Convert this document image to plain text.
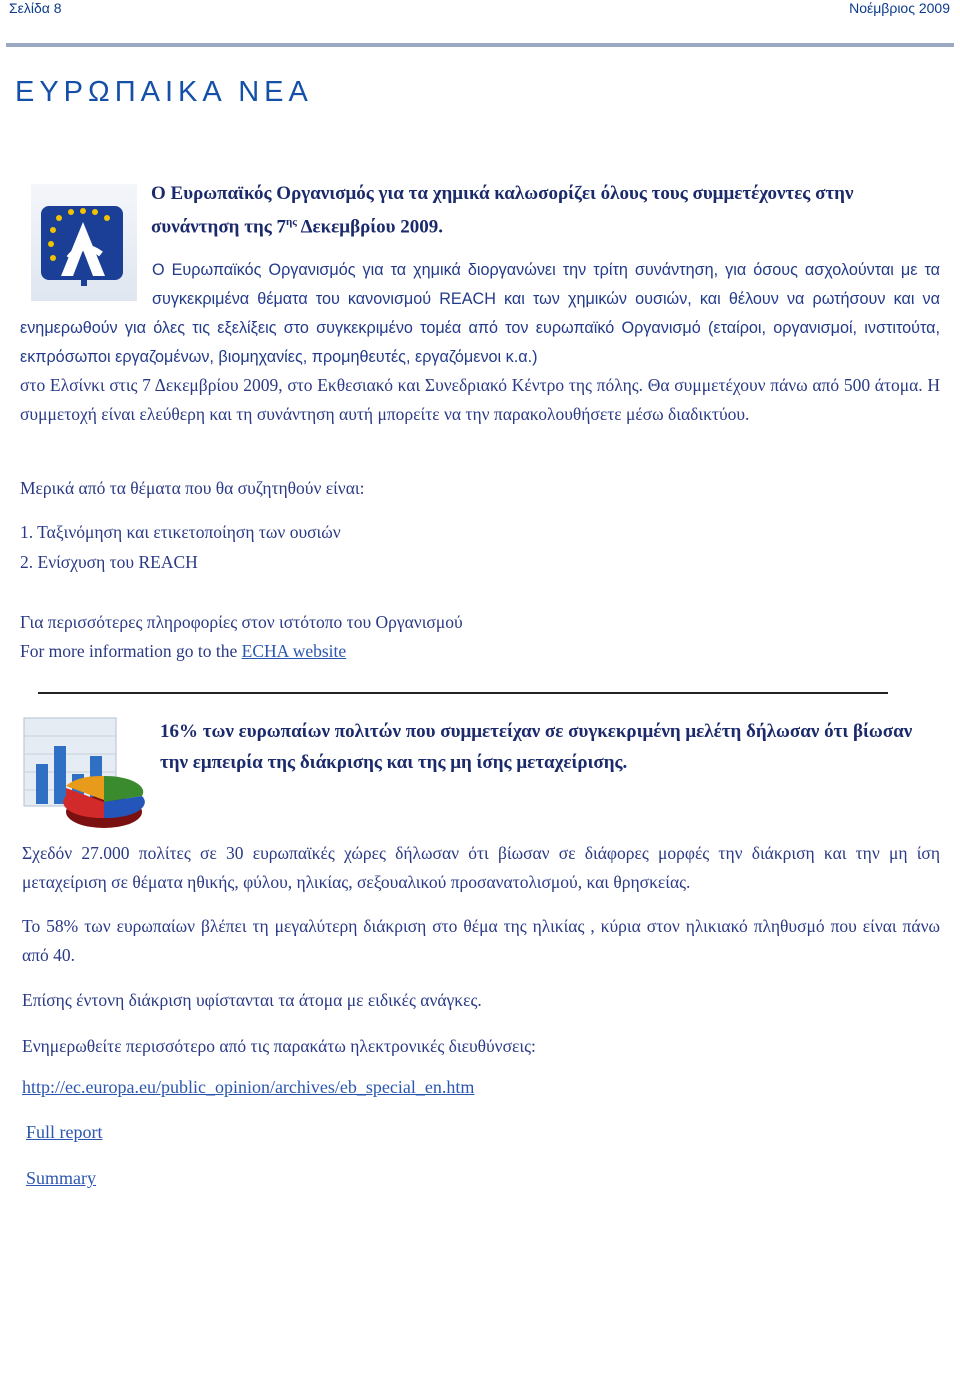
Σελίδα 8	Νοέμβριος 2009
ΕΥΡΩΠΑΙΚΑ ΝΕΑ
Ο Ευρωπαϊκός Οργανισμός για τα χημικά καλωσορίζει όλους τους συμμετέχοντες στην συνάντηση της $7^{\eta\varsigma}$ Δεκεμβρίου 2009.
Ο Ευρωπαϊκός Οργανισμός για τα χημικά διοργανώνει την τρίτη συνάντηση, για όσους ασχολούνται με τα συγκεκριμένα θέματα του κανονισμού REACH και των χημικών ουσιών, και θέλουν να ρωτήσουν και να ενημερωθούν για όλες τις εξελίξεις στο συγκεκριμένο τομέα από τον ευρωπαϊκό Οργανισμό (εταίροι, οργανισμοί, ινστιτούτα, εκπρόσωποι εργαζομένων, βιομηχανίες, προμηθευτές, εργαζόμενοι κ.α.)
στο Ελσίνκι στις 7 Δεκεμβρίου 2009, στο Εκθεσιακό και Συνεδριακό Κέντρο της πόλης. Θα συμμετέχουν πάνω από 500 άτομα. Η συμμετοχή είναι ελεύθερη και τη συνάντηση αυτή μπορείτε να την παρακολουθήσετε μέσω διαδικτύου.
Μερικά από τα θέματα που θα συζητηθούν είναι:
1. Ταξινόμηση και ετικετοποίηση των ουσιών
2. Ενίσχυση του REACH
Για περισσότερες πληροφορίες στον ιστότοπο του Οργανισμού
For more information go to the ECHA website
16% των ευρωπαίων πολιτών που συμμετείχαν σε συγκεκριμένη μελέτη δήλωσαν ότι βίωσαν την εμπειρία της διάκρισης και της μη ίσης μεταχείρισης.
Σχεδόν 27.000 πολίτες σε 30 ευρωπαϊκές χώρες δήλωσαν ότι βίωσαν σε διάφορες μορφές την διάκριση και την μη ίση μεταχείριση σε θέματα ηθικής, φύλου, ηλικίας, σεξουαλικού προσανατολισμού, και θρησκείας.
Το 58% των ευρωπαίων βλέπει τη μεγαλύτερη διάκριση στο θέμα της ηλικίας , κύρια στον ηλικιακό πληθυσμό που είναι πάνω από 40.
Επίσης έντονη διάκριση υφίστανται τα άτομα με ειδικές ανάγκες.
Ενημερωθείτε περισσότερο από τις παρακάτω ηλεκτρονικές διευθύνσεις:
http://ec.europa.eu/public_opinion/archives/eb_special_en.htm
Full report
Summary
